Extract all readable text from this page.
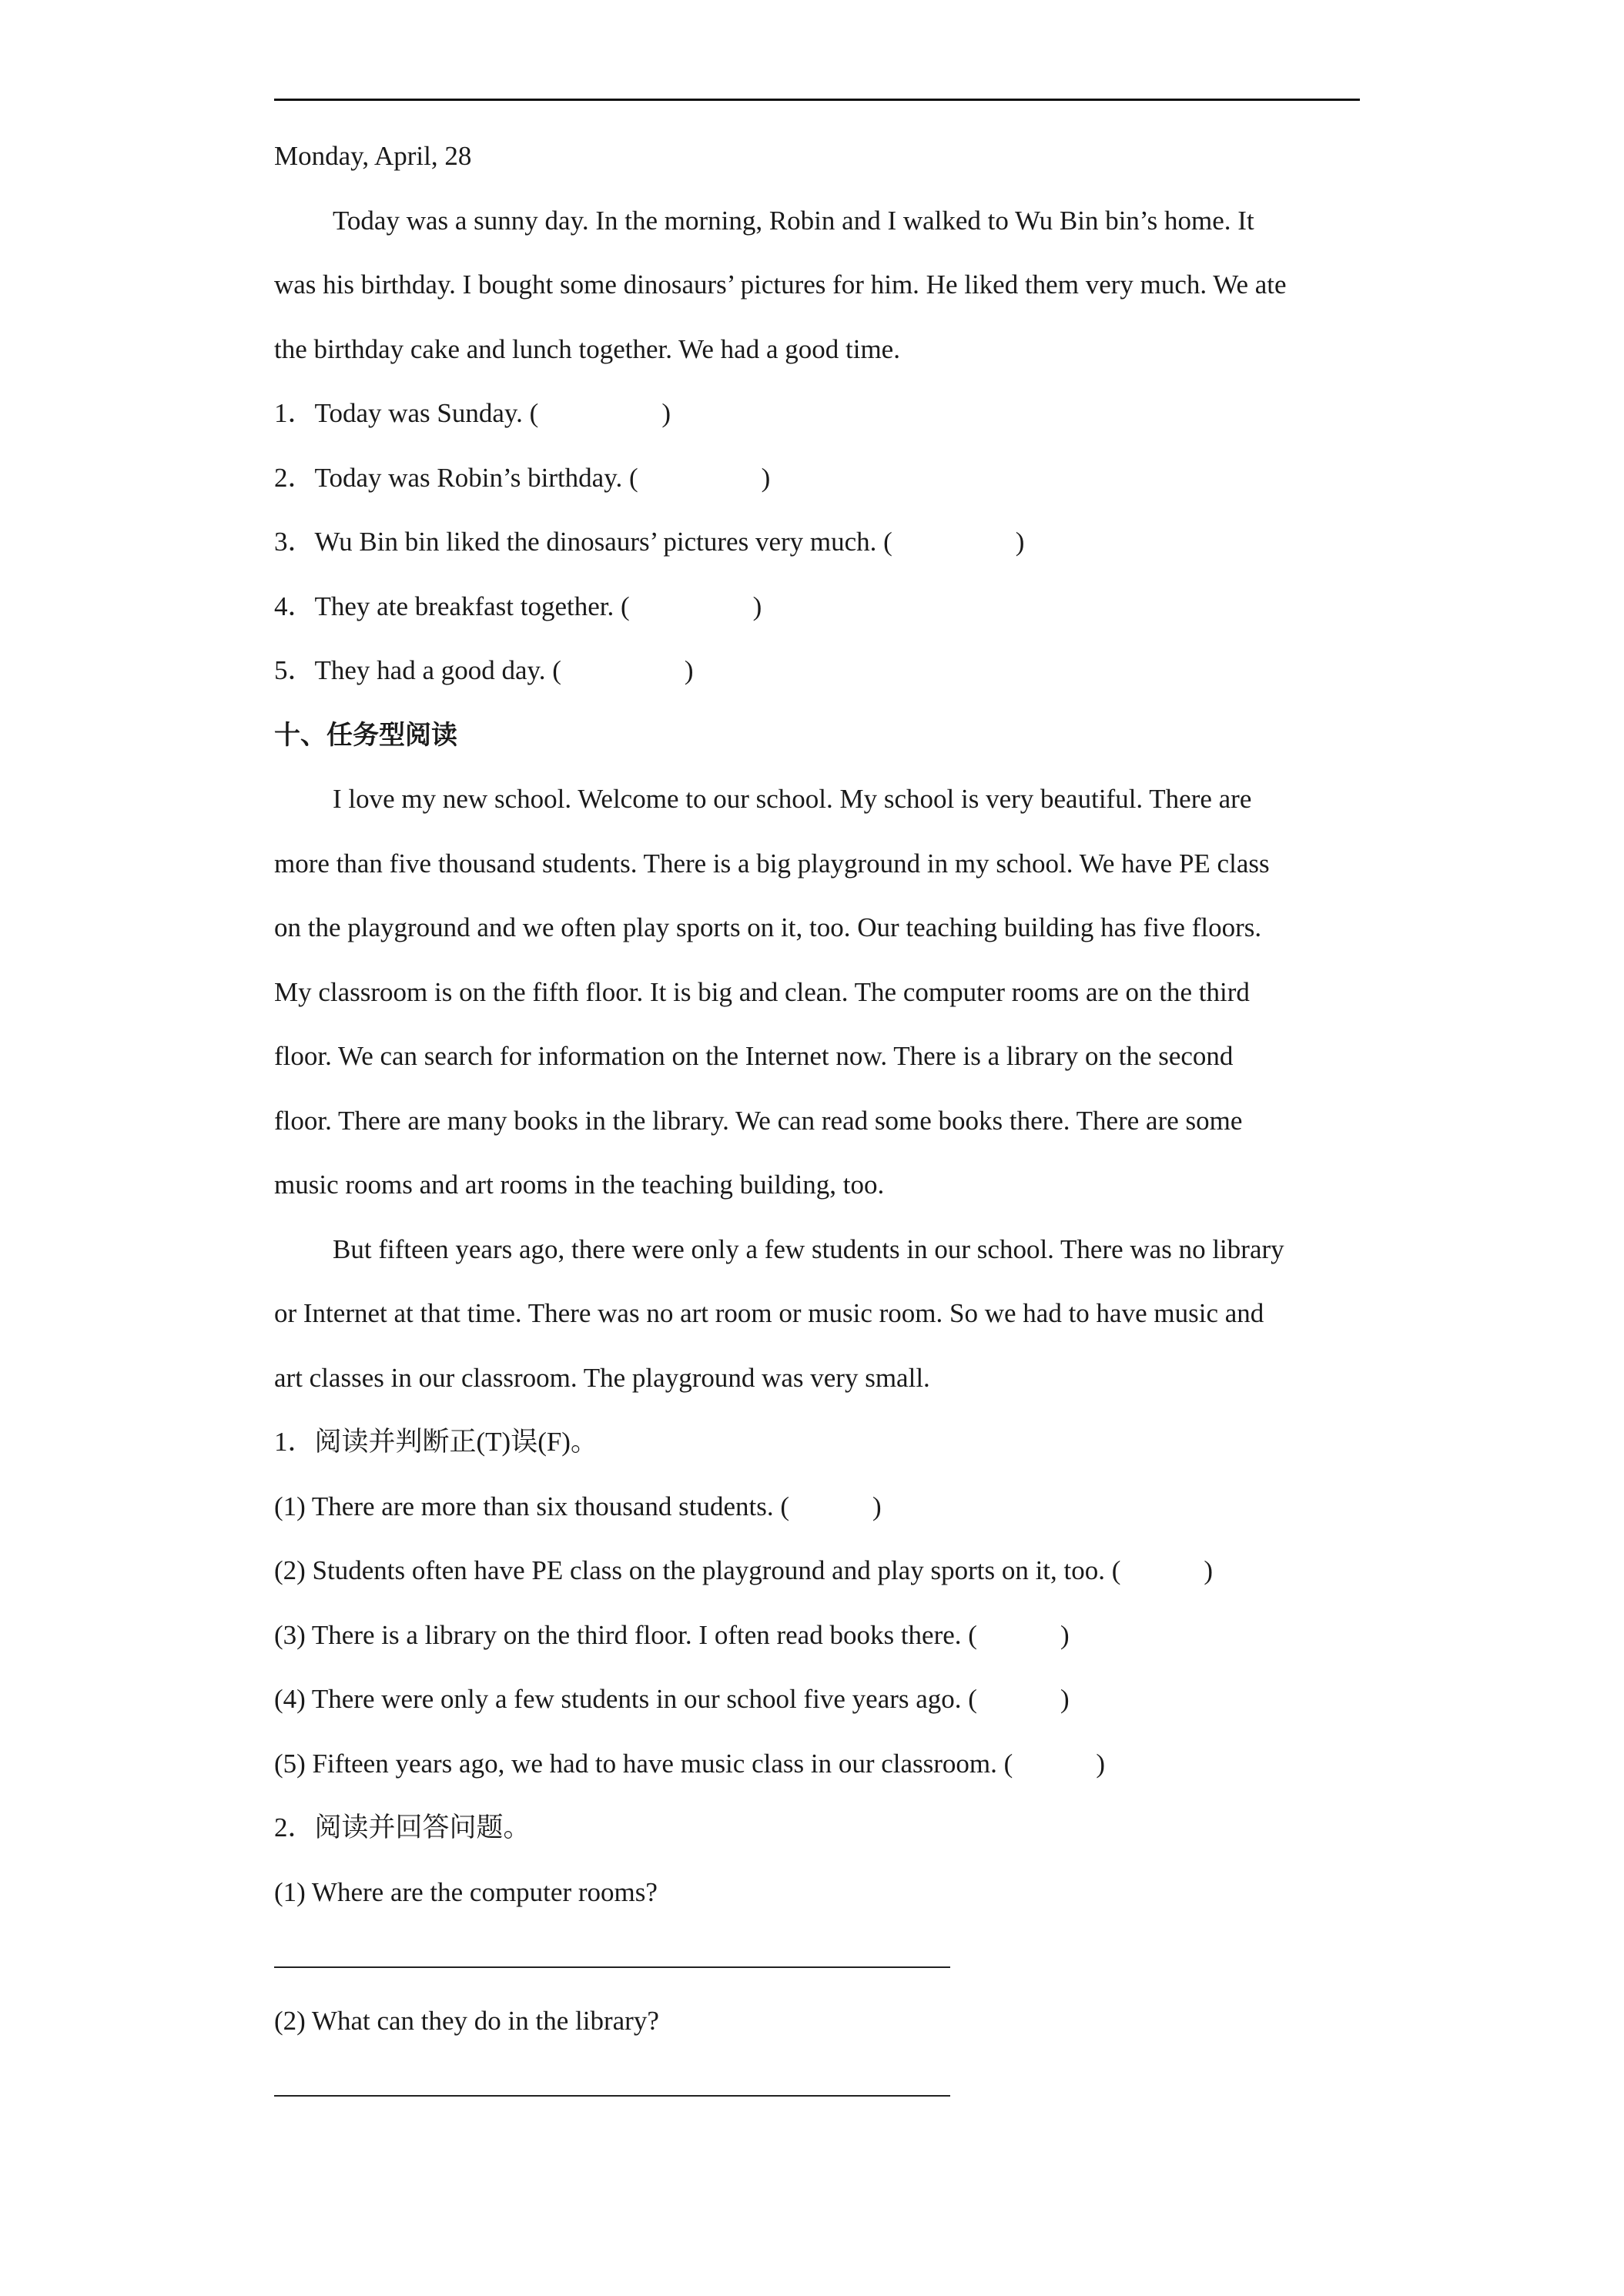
Monday, April, 28
Today was a sunny day. In the morning, Robin and I walked to Wu Bin bin’s home. It
was his birthday. I bought some dinosaurs’ pictures for him. He liked them very much. We ate
the birthday cake and lunch together. We had a good time.
1．Today was Sunday. (	)
2．Today was Robin’s birthday. (	)
3．Wu Bin bin liked the dinosaurs’ pictures very much. (	)
4．They ate breakfast together. (	)
5．They had a good day. (	)
十、任务型阅读
I love my new school. Welcome to our school. My school is very beautiful. There are
more than five thousand students. There is a big playground in my school. We have PE class
on the playground and we often play sports on it, too. Our teaching building has five floors.
My classroom is on the fifth floor. It is big and clean. The computer rooms are on the third
floor. We can search for information on the Internet now. There is a library on the second
floor. There are many books in the library. We can read some books there. There are some
music rooms and art rooms in the teaching building, too.
But fifteen years ago, there were only a few students in our school. There was no library
or Internet at that time. There was no art room or music room. So we had to have music and
art classes in our classroom. The playground was very small.
1．阅读并判断正(T)误(F)。
(1) There are more than six thousand students. (	)
(2) Students often have PE class on the playground and play sports on it, too. (	)
(3) There is a library on the third floor. I often read books there. (	)
(4) There were only a few students in our school five years ago. (	)
(5) Fifteen years ago, we had to have music class in our classroom. (	)
2．阅读并回答问题。
(1) Where are the computer rooms?
(2) What can they do in the library?
